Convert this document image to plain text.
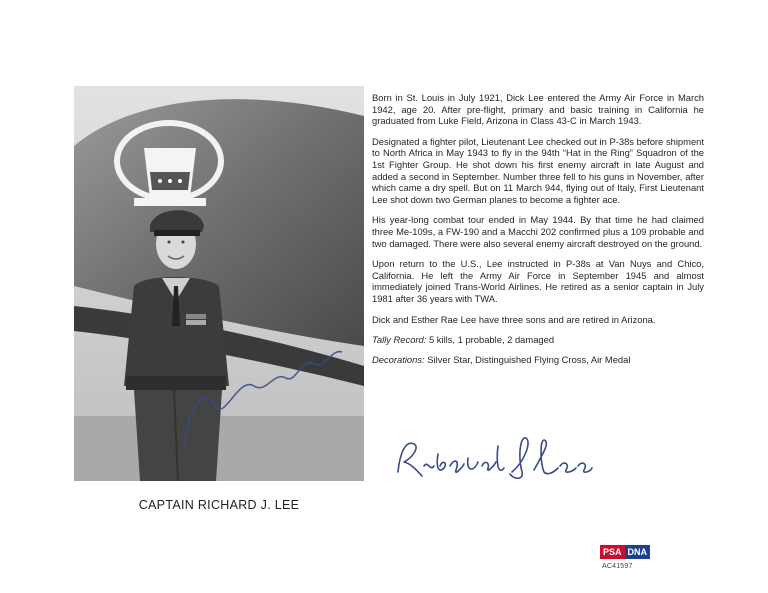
CAPTAIN RICHARD J. LEE

Born in St. Louis in July 1921, Dick Lee entered the Army Air Force in March 1942, age 20. After pre-flight, primary and basic training in California he graduated from Luke Field, Arizona in Class 43-C in March 1943.

Designated a fighter pilot, Lieutenant Lee checked out in P-38s before shipment to North Africa in May 1943 to fly in the 94th “Hat in the Ring” Squadron of the 1st Fighter Group. He shot down his first enemy aircraft in late August and added a second in September. Number three fell to his guns in November, after which came a dry spell. But on 11 March 944, flying out of Italy, First Lieutenant Lee shot down two German planes to become a fighter ace.

His year-long combat tour ended in May 1944. By that time he had claimed three Me-109s, a FW-190 and a Macchi 202 confirmed plus a 109 probable and two damaged. There were also several enemy aircraft destroyed on the ground.

Upon return to the U.S., Lee instructed in P-38s at Van Nuys and Chico, California. He left the Army Air Force in September 1945 and almost immediately joined Trans-World Airlines. He retired as a senior captain in July 1981 after 36 years with TWA.

Dick and Esther Rae Lee have three sons and are retired in Arizona.

Tally Record: 5 kills, 1 probable, 2 damaged

Decorations: Silver Star, Distinguished Flying Cross, Air Medal

PSA DNA
AC41597
